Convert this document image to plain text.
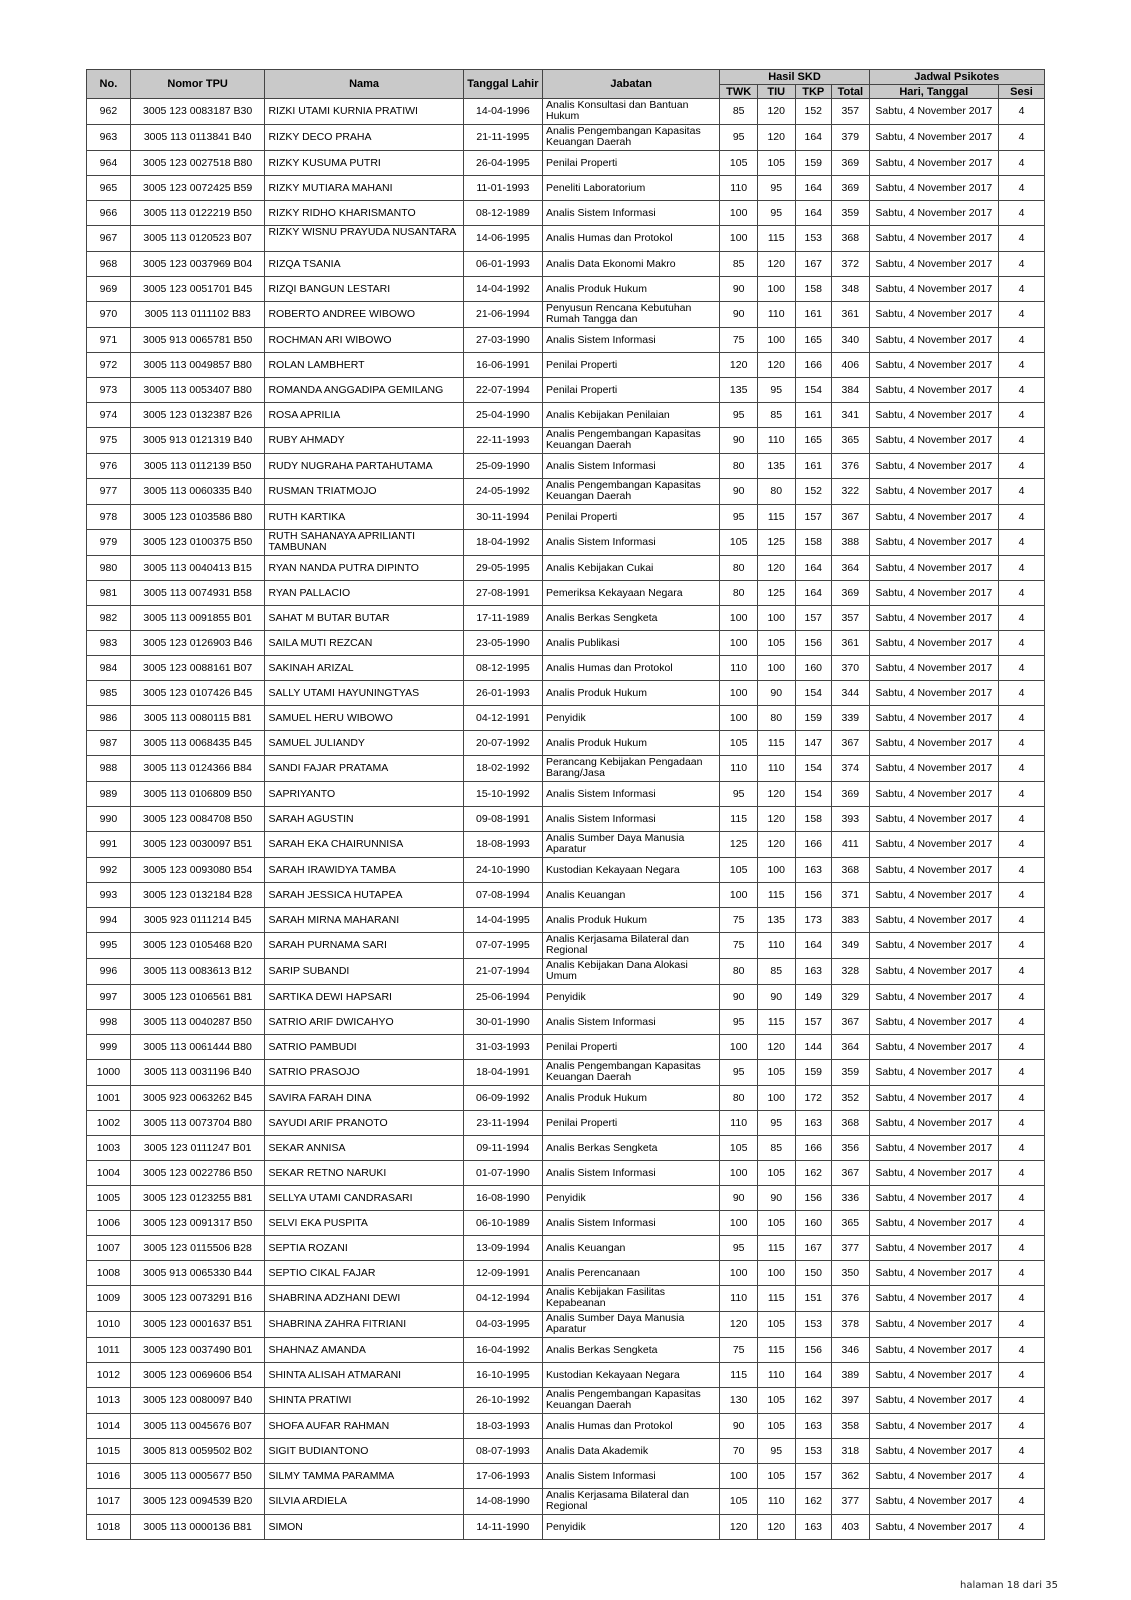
No.	Nomor TPU	Nama	Tanggal Lahir	Jabatan	Hasil SKD				Jadwal Psikotes	
					TWK	TIU	TKP	Total	Hari, Tanggal	Sesi
962	3005 123 0083187 B30	RIZKI UTAMI KURNIA PRATIWI	14-04-1996	Analis Konsultasi dan Bantuan Hukum	85	120	152	357	Sabtu, 4 November 2017	4
963	3005 113 0113841 B40	RIZKY DECO PRAHA	21-11-1995	Analis Pengembangan Kapasitas Keuangan Daerah	95	120	164	379	Sabtu, 4 November 2017	4
964	3005 123 0027518 B80	RIZKY KUSUMA PUTRI	26-04-1995	Penilai Properti	105	105	159	369	Sabtu, 4 November 2017	4
965	3005 123 0072425 B59	RIZKY MUTIARA MAHANI	11-01-1993	Peneliti Laboratorium	110	95	164	369	Sabtu, 4 November 2017	4
966	3005 113 0122219 B50	RIZKY RIDHO KHARISMANTO	08-12-1989	Analis Sistem Informasi	100	95	164	359	Sabtu, 4 November 2017	4
967	3005 113 0120523 B07	RIZKY WISNU PRAYUDA NUSANTARA	14-06-1995	Analis Humas dan Protokol	100	115	153	368	Sabtu, 4 November 2017	4
968	3005 123 0037969 B04	RIZQA TSANIA	06-01-1993	Analis Data Ekonomi Makro	85	120	167	372	Sabtu, 4 November 2017	4
969	3005 123 0051701 B45	RIZQI BANGUN LESTARI	14-04-1992	Analis Produk Hukum	90	100	158	348	Sabtu, 4 November 2017	4
970	3005 113 0111102 B83	ROBERTO ANDREE WIBOWO	21-06-1994	Penyusun Rencana Kebutuhan Rumah Tangga dan	90	110	161	361	Sabtu, 4 November 2017	4
971	3005 913 0065781 B50	ROCHMAN ARI WIBOWO	27-03-1990	Analis Sistem Informasi	75	100	165	340	Sabtu, 4 November 2017	4
972	3005 113 0049857 B80	ROLAN LAMBHERT	16-06-1991	Penilai Properti	120	120	166	406	Sabtu, 4 November 2017	4
973	3005 113 0053407 B80	ROMANDA ANGGADIPA GEMILANG	22-07-1994	Penilai Properti	135	95	154	384	Sabtu, 4 November 2017	4
974	3005 123 0132387 B26	ROSA APRILIA	25-04-1990	Analis Kebijakan Penilaian	95	85	161	341	Sabtu, 4 November 2017	4
975	3005 913 0121319 B40	RUBY AHMADY	22-11-1993	Analis Pengembangan Kapasitas Keuangan Daerah	90	110	165	365	Sabtu, 4 November 2017	4
976	3005 113 0112139 B50	RUDY NUGRAHA PARTAHUTAMA	25-09-1990	Analis Sistem Informasi	80	135	161	376	Sabtu, 4 November 2017	4
977	3005 113 0060335 B40	RUSMAN TRIATMOJO	24-05-1992	Analis Pengembangan Kapasitas Keuangan Daerah	90	80	152	322	Sabtu, 4 November 2017	4
978	3005 123 0103586 B80	RUTH KARTIKA	30-11-1994	Penilai Properti	95	115	157	367	Sabtu, 4 November 2017	4
979	3005 123 0100375 B50	RUTH SAHANAYA APRILIANTI TAMBUNAN	18-04-1992	Analis Sistem Informasi	105	125	158	388	Sabtu, 4 November 2017	4
980	3005 113 0040413 B15	RYAN NANDA PUTRA DIPINTO	29-05-1995	Analis Kebijakan Cukai	80	120	164	364	Sabtu, 4 November 2017	4
981	3005 113 0074931 B58	RYAN PALLACIO	27-08-1991	Pemeriksa Kekayaan Negara	80	125	164	369	Sabtu, 4 November 2017	4
982	3005 113 0091855 B01	SAHAT M BUTAR BUTAR	17-11-1989	Analis Berkas Sengketa	100	100	157	357	Sabtu, 4 November 2017	4
983	3005 123 0126903 B46	SAILA MUTI REZCAN	23-05-1990	Analis Publikasi	100	105	156	361	Sabtu, 4 November 2017	4
984	3005 123 0088161 B07	SAKINAH ARIZAL	08-12-1995	Analis Humas dan Protokol	110	100	160	370	Sabtu, 4 November 2017	4
985	3005 123 0107426 B45	SALLY UTAMI HAYUNINGTYAS	26-01-1993	Analis Produk Hukum	100	90	154	344	Sabtu, 4 November 2017	4
986	3005 113 0080115 B81	SAMUEL HERU WIBOWO	04-12-1991	Penyidik	100	80	159	339	Sabtu, 4 November 2017	4
987	3005 113 0068435 B45	SAMUEL JULIANDY	20-07-1992	Analis Produk Hukum	105	115	147	367	Sabtu, 4 November 2017	4
988	3005 113 0124366 B84	SANDI FAJAR PRATAMA	18-02-1992	Perancang Kebijakan Pengadaan Barang/Jasa	110	110	154	374	Sabtu, 4 November 2017	4
989	3005 113 0106809 B50	SAPRIYANTO	15-10-1992	Analis Sistem Informasi	95	120	154	369	Sabtu, 4 November 2017	4
990	3005 123 0084708 B50	SARAH AGUSTIN	09-08-1991	Analis Sistem Informasi	115	120	158	393	Sabtu, 4 November 2017	4
991	3005 123 0030097 B51	SARAH EKA CHAIRUNNISA	18-08-1993	Analis Sumber Daya Manusia Aparatur	125	120	166	411	Sabtu, 4 November 2017	4
992	3005 123 0093080 B54	SARAH IRAWIDYA TAMBA	24-10-1990	Kustodian Kekayaan Negara	105	100	163	368	Sabtu, 4 November 2017	4
993	3005 123 0132184 B28	SARAH JESSICA HUTAPEA	07-08-1994	Analis Keuangan	100	115	156	371	Sabtu, 4 November 2017	4
994	3005 923 0111214 B45	SARAH MIRNA MAHARANI	14-04-1995	Analis Produk Hukum	75	135	173	383	Sabtu, 4 November 2017	4
995	3005 123 0105468 B20	SARAH PURNAMA SARI	07-07-1995	Analis Kerjasama Bilateral dan Regional	75	110	164	349	Sabtu, 4 November 2017	4
996	3005 113 0083613 B12	SARIP SUBANDI	21-07-1994	Analis Kebijakan Dana Alokasi Umum	80	85	163	328	Sabtu, 4 November 2017	4
997	3005 123 0106561 B81	SARTIKA DEWI HAPSARI	25-06-1994	Penyidik	90	90	149	329	Sabtu, 4 November 2017	4
998	3005 113 0040287 B50	SATRIO ARIF DWICAHYO	30-01-1990	Analis Sistem Informasi	95	115	157	367	Sabtu, 4 November 2017	4
999	3005 113 0061444 B80	SATRIO PAMBUDI	31-03-1993	Penilai Properti	100	120	144	364	Sabtu, 4 November 2017	4
1000	3005 113 0031196 B40	SATRIO PRASOJO	18-04-1991	Analis Pengembangan Kapasitas Keuangan Daerah	95	105	159	359	Sabtu, 4 November 2017	4
1001	3005 923 0063262 B45	SAVIRA FARAH DINA	06-09-1992	Analis Produk Hukum	80	100	172	352	Sabtu, 4 November 2017	4
1002	3005 113 0073704 B80	SAYUDI ARIF PRANOTO	23-11-1994	Penilai Properti	110	95	163	368	Sabtu, 4 November 2017	4
1003	3005 123 0111247 B01	SEKAR ANNISA	09-11-1994	Analis Berkas Sengketa	105	85	166	356	Sabtu, 4 November 2017	4
1004	3005 123 0022786 B50	SEKAR RETNO NARUKI	01-07-1990	Analis Sistem Informasi	100	105	162	367	Sabtu, 4 November 2017	4
1005	3005 123 0123255 B81	SELLYA UTAMI CANDRASARI	16-08-1990	Penyidik	90	90	156	336	Sabtu, 4 November 2017	4
1006	3005 123 0091317 B50	SELVI EKA PUSPITA	06-10-1989	Analis Sistem Informasi	100	105	160	365	Sabtu, 4 November 2017	4
1007	3005 123 0115506 B28	SEPTIA ROZANI	13-09-1994	Analis Keuangan	95	115	167	377	Sabtu, 4 November 2017	4
1008	3005 913 0065330 B44	SEPTIO CIKAL FAJAR	12-09-1991	Analis Perencanaan	100	100	150	350	Sabtu, 4 November 2017	4
1009	3005 123 0073291 B16	SHABRINA ADZHANI DEWI	04-12-1994	Analis Kebijakan Fasilitas Kepabeanan	110	115	151	376	Sabtu, 4 November 2017	4
1010	3005 123 0001637 B51	SHABRINA ZAHRA FITRIANI	04-03-1995	Analis Sumber Daya Manusia Aparatur	120	105	153	378	Sabtu, 4 November 2017	4
1011	3005 123 0037490 B01	SHAHNAZ AMANDA	16-04-1992	Analis Berkas Sengketa	75	115	156	346	Sabtu, 4 November 2017	4
1012	3005 123 0069606 B54	SHINTA ALISAH ATMARANI	16-10-1995	Kustodian Kekayaan Negara	115	110	164	389	Sabtu, 4 November 2017	4
1013	3005 123 0080097 B40	SHINTA PRATIWI	26-10-1992	Analis Pengembangan Kapasitas Keuangan Daerah	130	105	162	397	Sabtu, 4 November 2017	4
1014	3005 113 0045676 B07	SHOFA AUFAR RAHMAN	18-03-1993	Analis Humas dan Protokol	90	105	163	358	Sabtu, 4 November 2017	4
1015	3005 813 0059502 B02	SIGIT BUDIANTONO	08-07-1993	Analis Data Akademik	70	95	153	318	Sabtu, 4 November 2017	4
1016	3005 113 0005677 B50	SILMY TAMMA PARAMMA	17-06-1993	Analis Sistem Informasi	100	105	157	362	Sabtu, 4 November 2017	4
1017	3005 123 0094539 B20	SILVIA ARDIELA	14-08-1990	Analis Kerjasama Bilateral dan Regional	105	110	162	377	Sabtu, 4 November 2017	4
1018	3005 113 0000136 B81	SIMON	14-11-1990	Penyidik	120	120	163	403	Sabtu, 4 November 2017	4
halaman 18 dari 35
